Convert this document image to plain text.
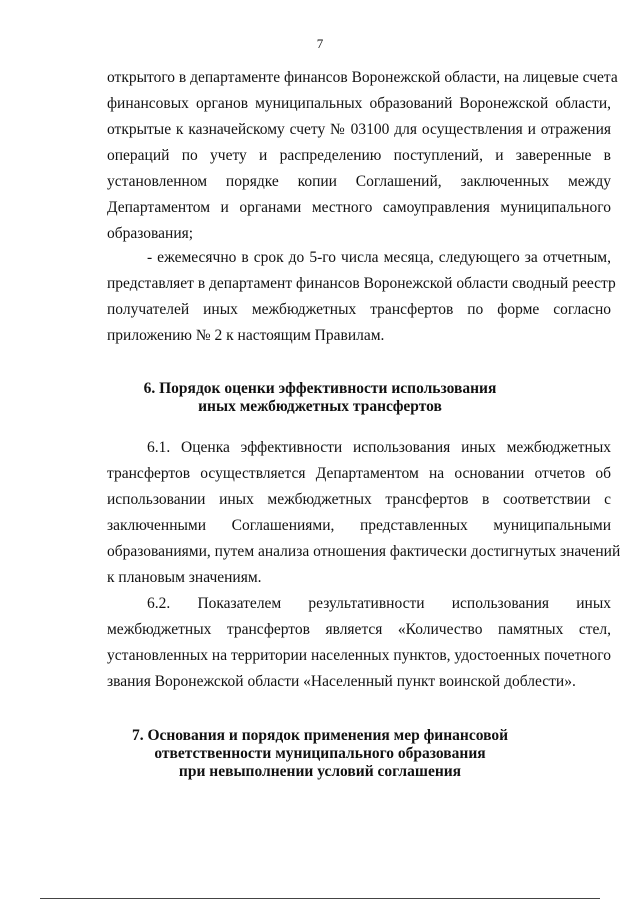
7
открытого в департаменте финансов Воронежской области, на лицевые счета
финансовых органов муниципальных образований Воронежской области,
открытые к казначейскому счету № 03100 для осуществления и отражения
операций по учету и распределению поступлений, и заверенные в
установленном порядке копии Соглашений, заключенных между
Департаментом и органами местного самоуправления муниципального
образования;
- ежемесячно в срок до 5-го числа месяца, следующего за отчетным,
представляет в департамент финансов Воронежской области сводный реестр
получателей иных межбюджетных трансфертов по форме согласно
приложению № 2 к настоящим Правилам.
6. Порядок оценки эффективности использования
иных межбюджетных трансфертов
6.1. Оценка эффективности использования иных межбюджетных
трансфертов осуществляется Департаментом на основании отчетов об
использовании иных межбюджетных трансфертов в соответствии с
заключенными Соглашениями, представленных муниципальными
образованиями, путем анализа отношения фактически достигнутых значений
к плановым значениям.
6.2. Показателем результативности использования иных
межбюджетных трансфертов является «Количество памятных стел,
установленных на территории населенных пунктов, удостоенных почетного
звания Воронежской области «Населенный пункт воинской доблести».
7. Основания и порядок применения мер финансовой
ответственности муниципального образования
при невыполнении условий соглашения
